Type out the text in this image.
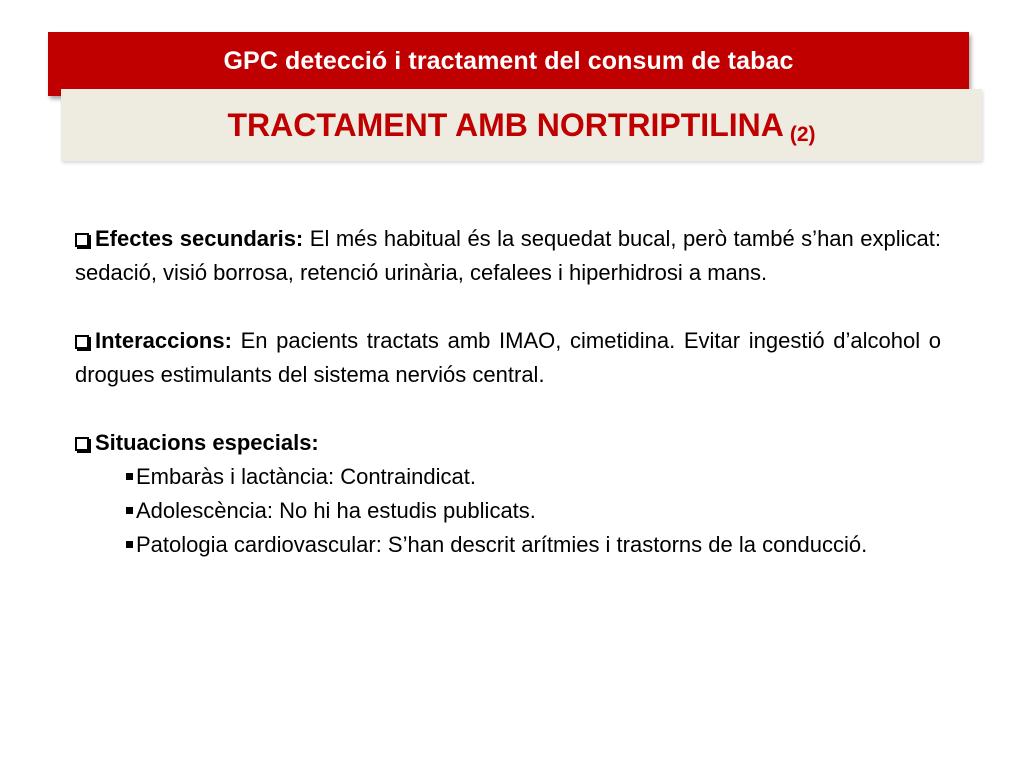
GPC detecció i tractament del consum de tabac
TRACTAMENT AMB NORTRIPTILINA (2)

Efectes secundaris: El més habitual és la sequedat bucal, però també s’han explicat: sedació, visió borrosa, retenció urinària, cefalees i hiperhidrosi a mans.

Interaccions: En pacients tractats amb IMAO, cimetidina. Evitar ingestió d’alcohol o drogues estimulants del sistema nerviós central.

Situacions especials:

Embaràs i lactància: Contraindicat.

Adolescència: No hi ha estudis publicats.

Patologia cardiovascular: S’han descrit arítmies i trastorns de la conducció.
